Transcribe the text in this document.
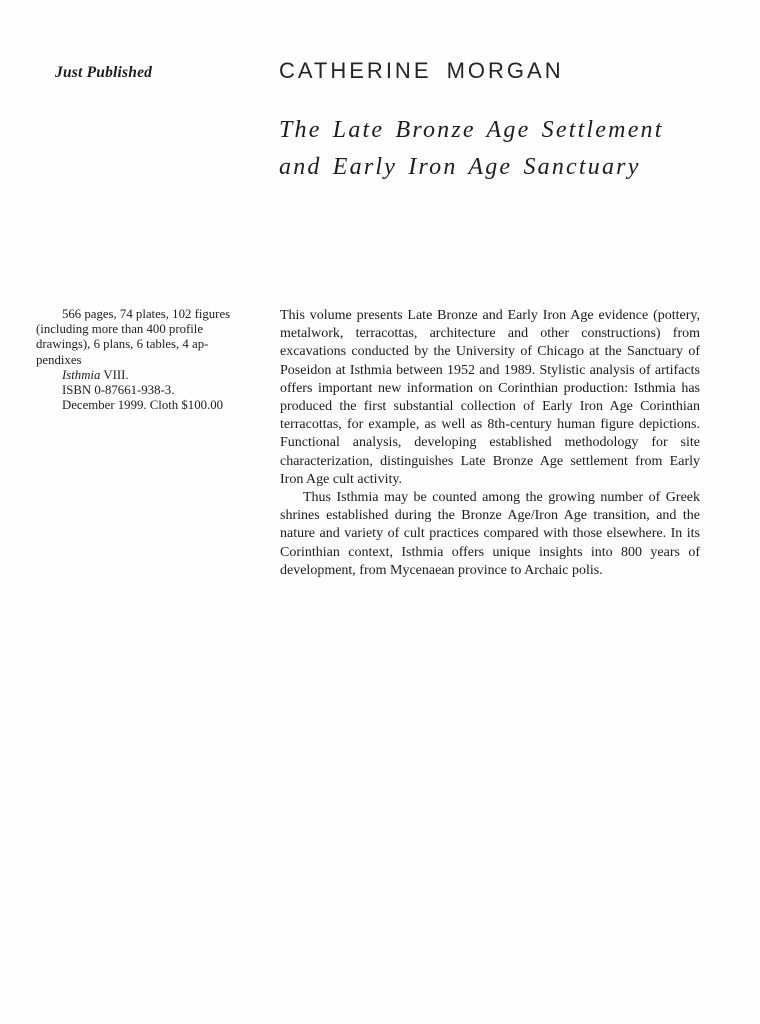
Just Published	CATHERINE MORGAN
The Late Bronze Age Settlement
and Early Iron Age Sanctuary
566 pages, 74 plates, 102 figures
(including more than 400 profile
drawings), 6 plans, 6 tables, 4 ap-
pendixes
Isthmia VIII.
ISBN 0-87661-938-3.
December 1999. Cloth $100.00

This volume presents Late Bronze and Early Iron Age evidence (pottery, metalwork, terracottas, architecture and other constructions) from excavations conducted by the University of Chicago at the Sanctuary of Poseidon at Isthmia between 1952 and 1989. Stylistic analysis of artifacts offers important new information on Corinthian production: Isthmia has produced the first substantial collection of Early Iron Age Corinthian terracottas, for example, as well as 8th-century human figure depictions. Functional analysis, developing established methodology for site characterization, distinguishes Late Bronze Age settlement from Early Iron Age cult activity.

Thus Isthmia may be counted among the growing number of Greek shrines established during the Bronze Age/Iron Age transition, and the nature and variety of cult practices compared with those elsewhere. In its Corinthian context, Isthmia offers unique insights into 800 years of development, from Mycenaean province to Archaic polis.
